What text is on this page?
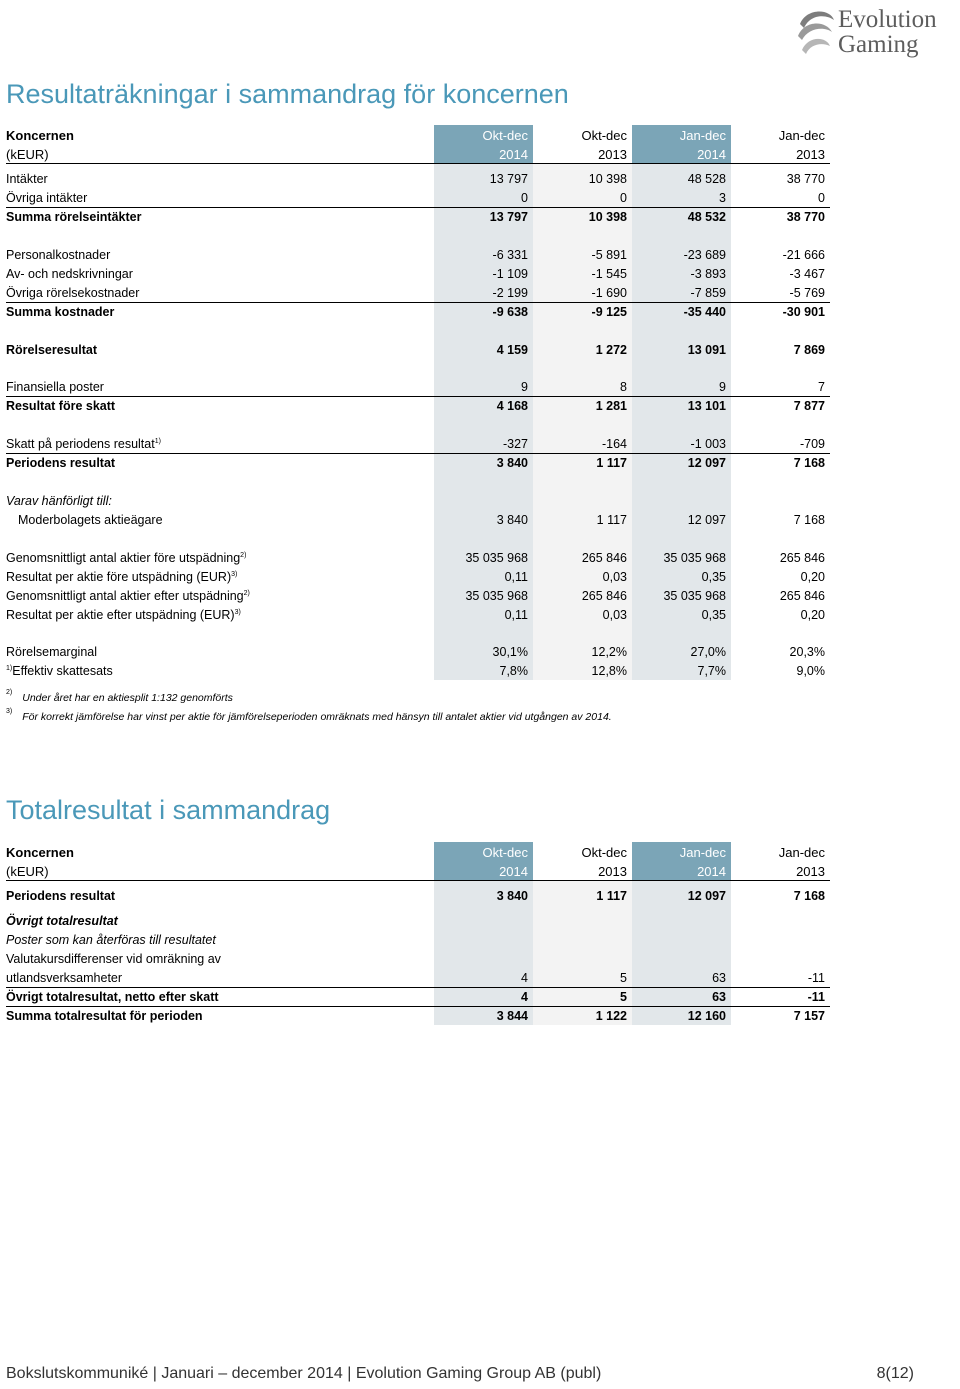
Evolution
Gaming
Resultaträkningar i sammandrag för koncernen
Koncernen	Okt-dec	Okt-dec	Jan-dec	Jan-dec
(kEUR)	2014	2013	2014	2013
Intäkter	13 797	10 398	48 528	38 770
Övriga intäkter	0	0	3	0
Summa rörelseintäkter	13 797	10 398	48 532	38 770
Personalkostnader	-6 331	-5 891	-23 689	-21 666
Av- och nedskrivningar	-1 109	-1 545	-3 893	-3 467
Övriga rörelsekostnader	-2 199	-1 690	-7 859	-5 769
Summa kostnader	-9 638	-9 125	-35 440	-30 901
Rörelseresultat	4 159	1 272	13 091	7 869
Finansiella poster	9	8	9	7
Resultat före skatt	4 168	1 281	13 101	7 877
Skatt på periodens resultat$^{1)}$	-327	-164	-1 003	-709
Periodens resultat	3 840	1 117	12 097	7 168
Varav hänförligt till:
Moderbolagets aktieägare	3 840	1 117	12 097	7 168
Genomsnittligt antal aktier före utspädning$^{2)}$	35 035 968	265 846	35 035 968	265 846
Resultat per aktie före utspädning (EUR)$^{3)}$	0,11	0,03	0,35	0,20
Genomsnittligt antal aktier efter utspädning$^{2)}$	35 035 968	265 846	35 035 968	265 846
Resultat per aktie efter utspädning (EUR)$^{3)}$	0,11	0,03	0,35	0,20
Rörelsemarginal	30,1%	12,2%	27,0%	20,3%
$^{1)}$Effektiv skattesats	7,8%	12,8%	7,7%	9,0%
$^{2)}$ Under året har en aktiesplit 1:132 genomförts
$^{3)}$ För korrekt jämförelse har vinst per aktie för jämförelseperioden omräknats med hänsyn till antalet aktier vid utgången av 2014.
Totalresultat i sammandrag
Koncernen	Okt-dec	Okt-dec	Jan-dec	Jan-dec
(kEUR)	2014	2013	2014	2013
Periodens resultat	3 840	1 117	12 097	7 168
Övrigt totalresultat
Poster som kan återföras till resultatet
Valutakursdifferenser vid omräkning av
utlandsverksamheter	4	5	63	-11
Övrigt totalresultat, netto efter skatt	4	5	63	-11
Summa totalresultat för perioden	3 844	1 122	12 160	7 157
Bokslutskommuniké | Januari – december 2014 | Evolution Gaming Group AB (publ)	8(12)
